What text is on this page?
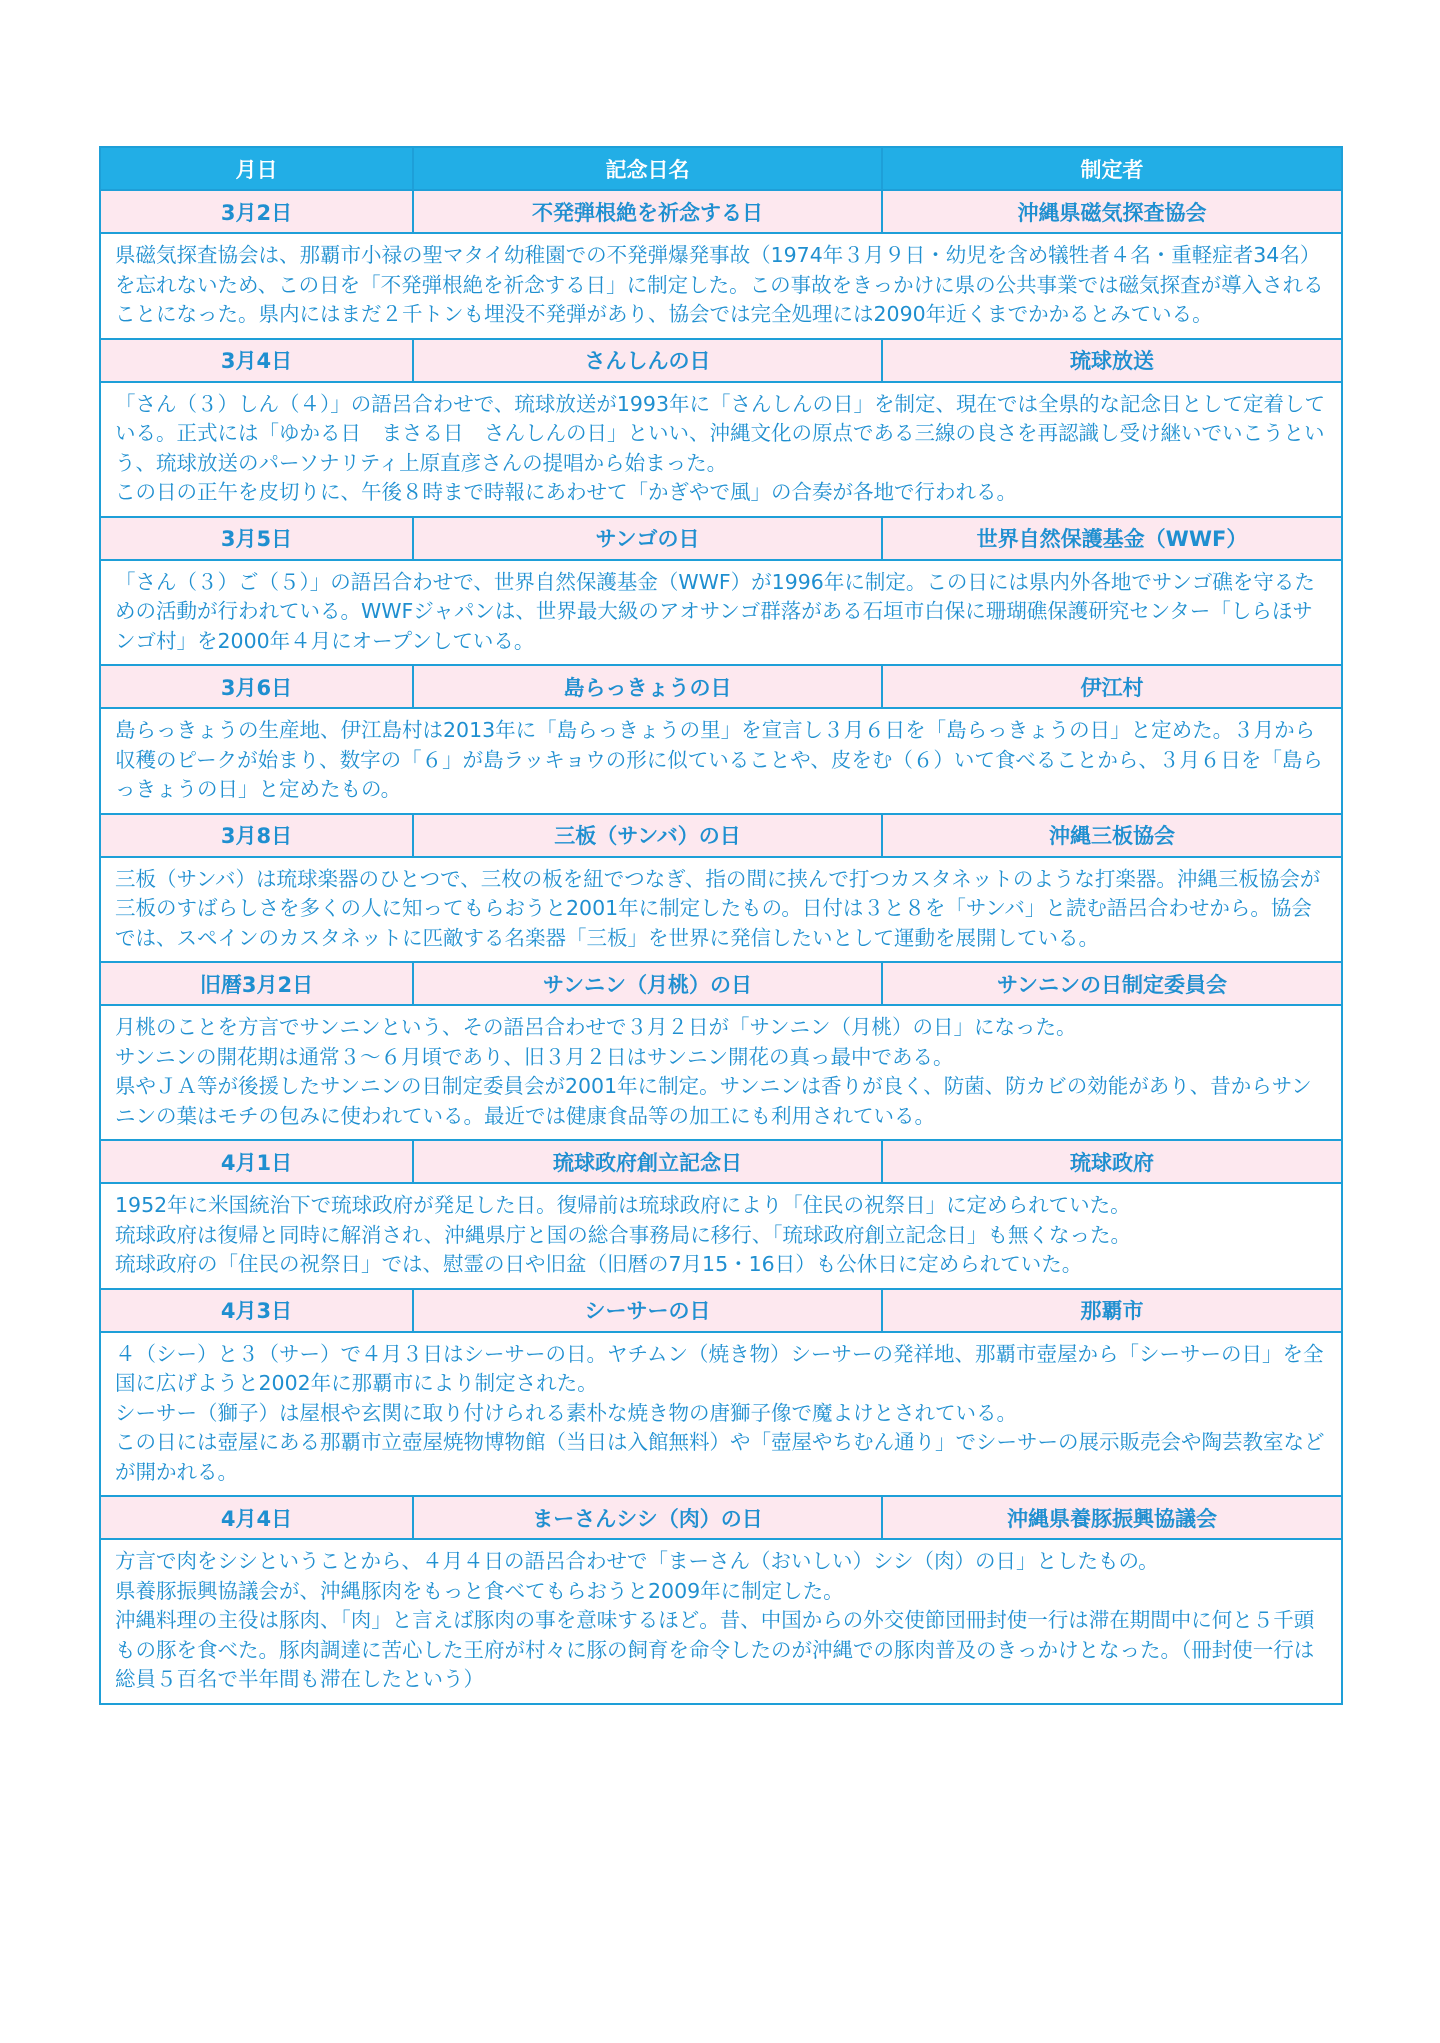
月日	記念日名	制定者
3月2日	不発弾根絶を祈念する日	沖縄県磁気探査協会

県磁気探査協会は、那覇市小禄の聖マタイ幼稚園での不発弾爆発事故（1974年３月９日・幼児を含め犠牲者４名・重軽症者34名）を忘れないため、この日を「不発弾根絶を祈念する日」に制定した。この事故をきっかけに県の公共事業では磁気探査が導入されることになった。県内にはまだ２千トンも埋没不発弾があり、協会では完全処理には2090年近くまでかかるとみている。

3月4日	さんしんの日	琉球放送

「さん（３）しん（４）」の語呂合わせで、琉球放送が1993年に「さんしんの日」を制定、現在では全県的な記念日として定着している。正式には「ゆかる日　まさる日　さんしんの日」といい、沖縄文化の原点である三線の良さを再認識し受け継いでいこうという、琉球放送のパーソナリティ上原直彦さんの提唱から始まった。

この日の正午を皮切りに、午後８時まで時報にあわせて「かぎやで風」の合奏が各地で行われる。

3月5日	サンゴの日	世界自然保護基金（WWF）

「さん（３）ご（５）」の語呂合わせで、世界自然保護基金（WWF）が1996年に制定。この日には県内外各地でサンゴ礁を守るための活動が行われている。WWFジャパンは、世界最大級のアオサンゴ群落がある石垣市白保に珊瑚礁保護研究センター「しらほサンゴ村」を2000年４月にオープンしている。

3月6日	島らっきょうの日	伊江村

島らっきょうの生産地、伊江島村は2013年に「島らっきょうの里」を宣言し３月６日を「島らっきょうの日」と定めた。３月から収穫のピークが始まり、数字の「６」が島ラッキョウの形に似ていることや、皮をむ（６）いて食べることから、３月６日を「島らっきょうの日」と定めたもの。

3月8日	三板（サンバ）の日	沖縄三板協会

三板（サンバ）は琉球楽器のひとつで、三枚の板を紐でつなぎ、指の間に挟んで打つカスタネットのような打楽器。沖縄三板協会が三板のすばらしさを多くの人に知ってもらおうと2001年に制定したもの。日付は３と８を「サンバ」と読む語呂合わせから。協会では、スペインのカスタネットに匹敵する名楽器「三板」を世界に発信したいとして運動を展開している。

旧暦3月2日	サンニン（月桃）の日	サンニンの日制定委員会

月桃のことを方言でサンニンという、その語呂合わせで３月２日が「サンニン（月桃）の日」になった。

サンニンの開花期は通常３〜６月頃であり、旧３月２日はサンニン開花の真っ最中である。

県やＪＡ等が後援したサンニンの日制定委員会が2001年に制定。サンニンは香りが良く、防菌、防カビの効能があり、昔からサンニンの葉はモチの包みに使われている。最近では健康食品等の加工にも利用されている。

4月1日	琉球政府創立記念日	琉球政府

1952年に米国統治下で琉球政府が発足した日。復帰前は琉球政府により「住民の祝祭日」に定められていた。

琉球政府は復帰と同時に解消され、沖縄県庁と国の総合事務局に移行、「琉球政府創立記念日」も無くなった。

琉球政府の「住民の祝祭日」では、慰霊の日や旧盆（旧暦の7月15・16日）も公休日に定められていた。

4月3日	シーサーの日	那覇市

４（シー）と３（サー）で４月３日はシーサーの日。ヤチムン（焼き物）シーサーの発祥地、那覇市壺屋から「シーサーの日」を全国に広げようと2002年に那覇市により制定された。

シーサー（獅子）は屋根や玄関に取り付けられる素朴な焼き物の唐獅子像で魔よけとされている。

この日には壺屋にある那覇市立壺屋焼物博物館（当日は入館無料）や「壺屋やちむん通り」でシーサーの展示販売会や陶芸教室などが開かれる。

4月4日	まーさんシシ（肉）の日	沖縄県養豚振興協議会

方言で肉をシシということから、４月４日の語呂合わせで「まーさん（おいしい）シシ（肉）の日」としたもの。

県養豚振興協議会が、沖縄豚肉をもっと食べてもらおうと2009年に制定した。

沖縄料理の主役は豚肉、「肉」と言えば豚肉の事を意味するほど。昔、中国からの外交使節団冊封使一行は滞在期間中に何と５千頭もの豚を食べた。豚肉調達に苦心した王府が村々に豚の飼育を命令したのが沖縄での豚肉普及のきっかけとなった。（冊封使一行は総員５百名で半年間も滞在したという）
